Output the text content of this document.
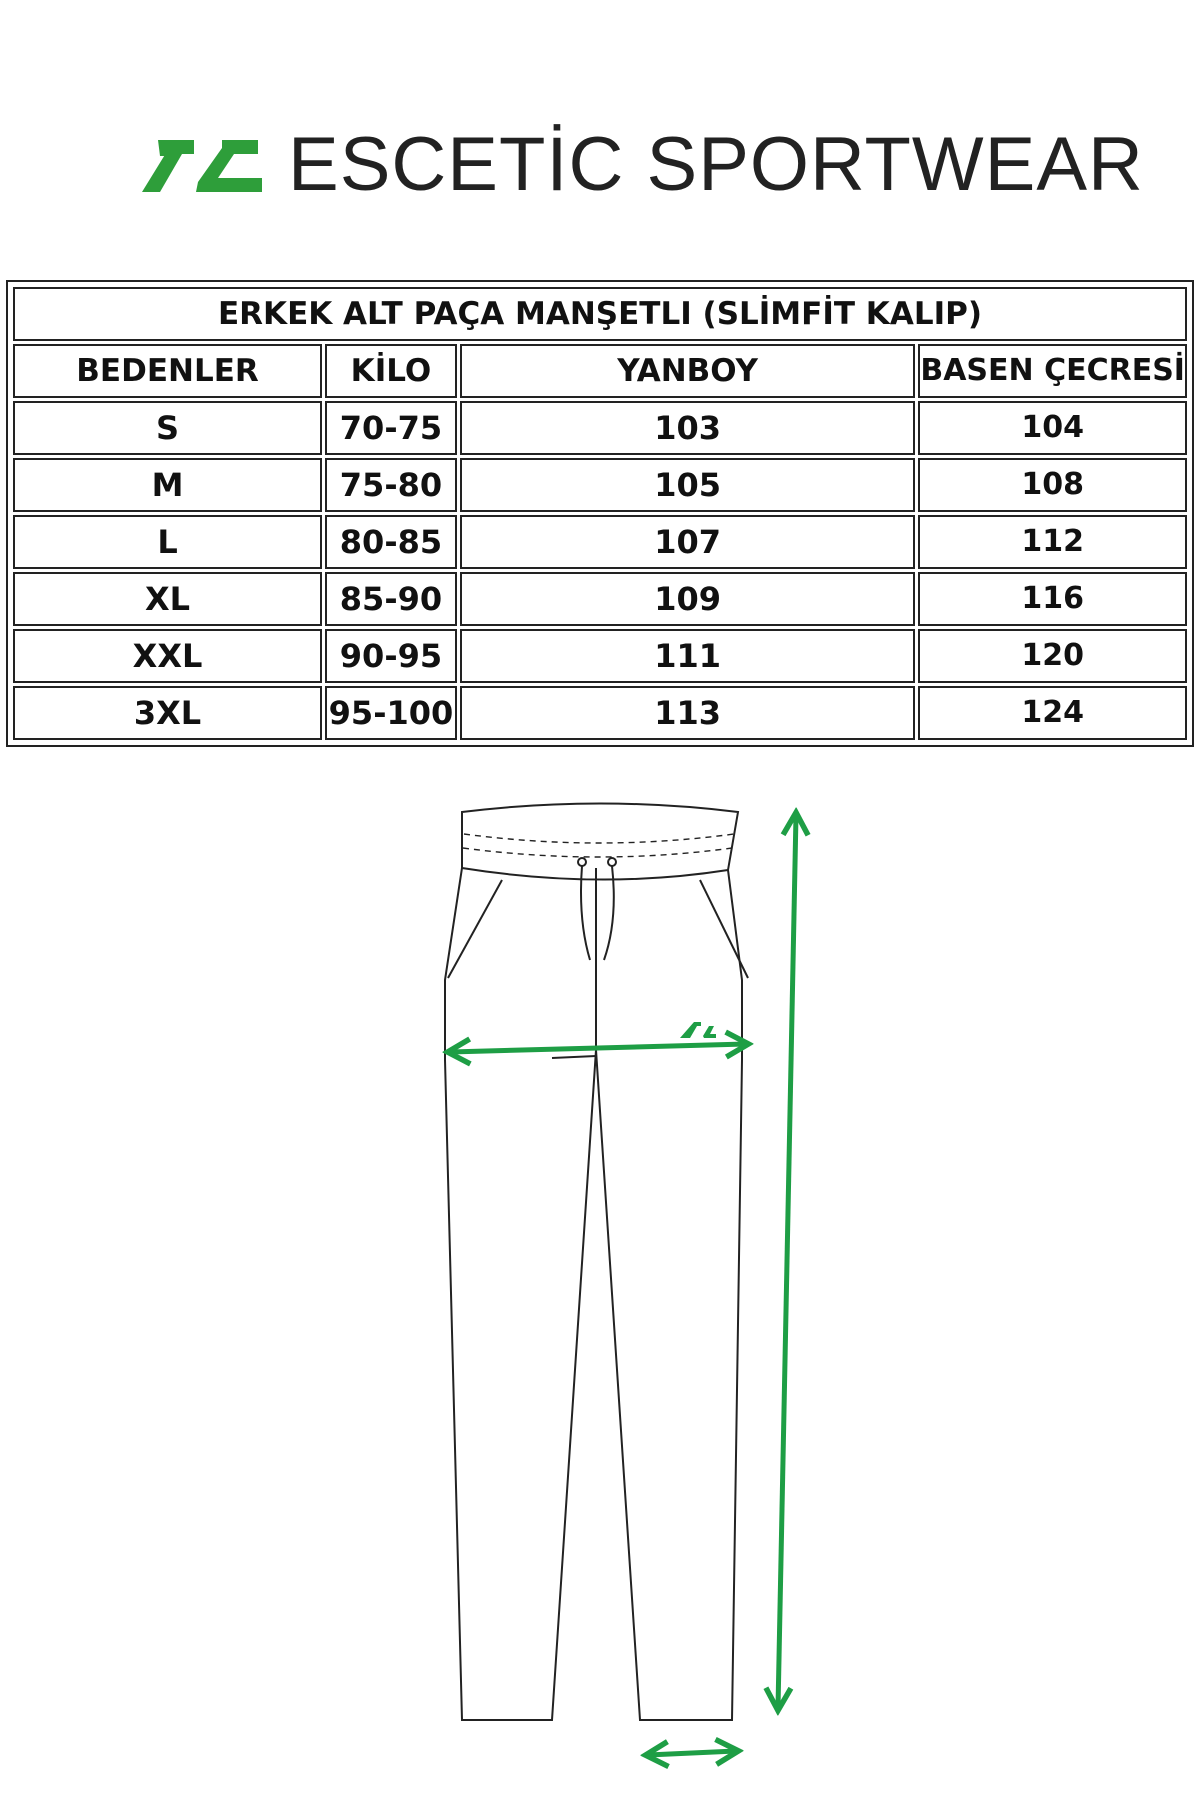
ESCETİC SPORTWEAR
ERKEK ALT PAÇA MANŞETLI (SLİMFİT KALIP)			
BEDENLER	KİLO	YANBOY	BASEN ÇECRESİ
S	70-75	103	104
M	75-80	105	108
L	80-85	107	112
XL	85-90	109	116
XXL	90-95	111	120
3XL	95-100	113	124
